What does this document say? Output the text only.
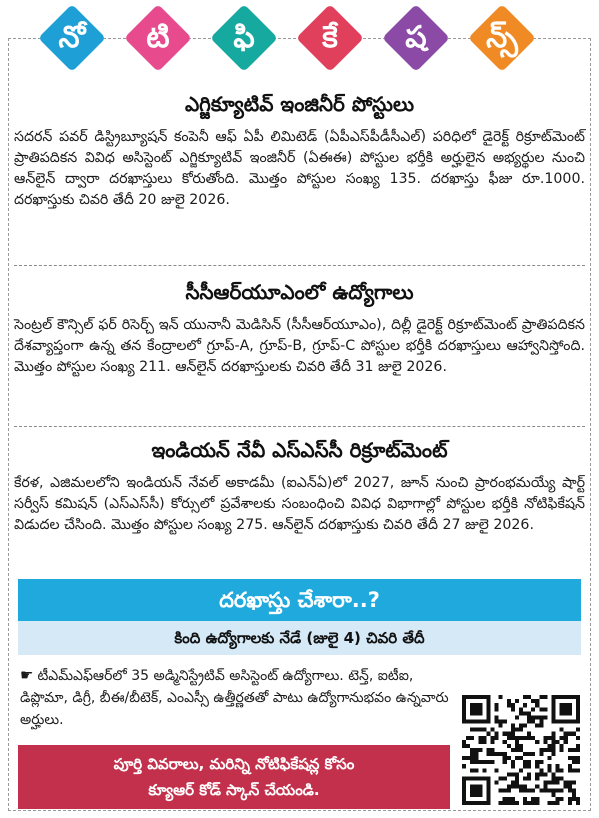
నో	టి	ఫి	కే	ష	న్స్
ఎగ్జిక్యూటివ్ ఇంజినీర్ పోస్టులు
సదరన్ పవర్ డిస్ట్రిబ్యూషన్ కంపెనీ ఆఫ్ ఏపీ లిమిటెడ్ (ఏపీఎస్‌పీడీసీఎల్) పరిధిలో డైరెక్ట్ రిక్రూట్‌మెంట్ ప్రాతిపదికన వివిధ అసిస్టెంట్ ఎగ్జిక్యూటివ్ ఇంజినీర్ (ఏఈఈ) పోస్టుల భర్తీకి అర్హులైన అభ్యర్థుల నుంచి ఆన్‌లైన్ ద్వారా దరఖాస్తులు కోరుతోంది. మొత్తం పోస్టుల సంఖ్య 135. దరఖాస్తు ఫీజు రూ.1000. దరఖాస్తుకు చివరి తేదీ 20 జులై 2026.
సీసీఆర్‌యూఎంలో ఉద్యోగాలు
సెంట్రల్ కౌన్సిల్ ఫర్ రిసెర్చ్ ఇన్ యునానీ మెడిసిన్ (సీసీఆర్‌యూఎం), దిల్లీ డైరెక్ట్ రిక్రూట్‌మెంట్ ప్రాతిపదికన దేశవ్యాప్తంగా ఉన్న తన కేంద్రాలలో గ్రూప్-A, గ్రూప్-B, గ్రూప్-C పోస్టుల భర్తీకి దరఖాస్తులు ఆహ్వానిస్తోంది. మొత్తం పోస్టుల సంఖ్య 211. ఆన్‌లైన్ దరఖాస్తులకు చివరి తేదీ 31 జులై 2026.
ఇండియన్ నేవీ ఎస్ఎస్‌సీ రిక్రూట్‌మెంట్
కేరళ, ఎజిమలలోని ఇండియన్ నేవల్ అకాడమీ (ఐఎన్ఏ)లో 2027, జూన్ నుంచి ప్రారంభమయ్యే షార్ట్ సర్వీస్ కమిషన్ (ఎస్ఎస్‌సీ) కోర్సులో ప్రవేశాలకు సంబంధించి వివిధ విభాగాల్లో పోస్టుల భర్తీకి నోటిఫికేషన్ విడుదల చేసింది. మొత్తం పోస్టుల సంఖ్య 275. ఆన్‌లైన్ దరఖాస్తుకు చివరి తేదీ 27 జులై 2026.
దరఖాస్తు చేశారా..?
కింది ఉద్యోగాలకు నేడే (జులై 4) చివరి తేదీ
☛ టీఎమ్‌ఎఫ్‌ఆర్‌లో 35 అడ్మినిస్ట్రేటివ్ అసిస్టెంట్ ఉద్యోగాలు. టెన్త్, ఐటీఐ, డిప్లొమా, డిగ్రీ, బీఈ/బీటెక్, ఎంఎస్సీ ఉత్తీర్ణతతో పాటు ఉద్యోగానుభవం ఉన్నవారు అర్హులు.
పూర్తి వివరాలు, మరిన్ని నోటిఫికేషన్ల కోసం
క్యూఆర్ కోడ్ స్కాన్ చేయండి.
